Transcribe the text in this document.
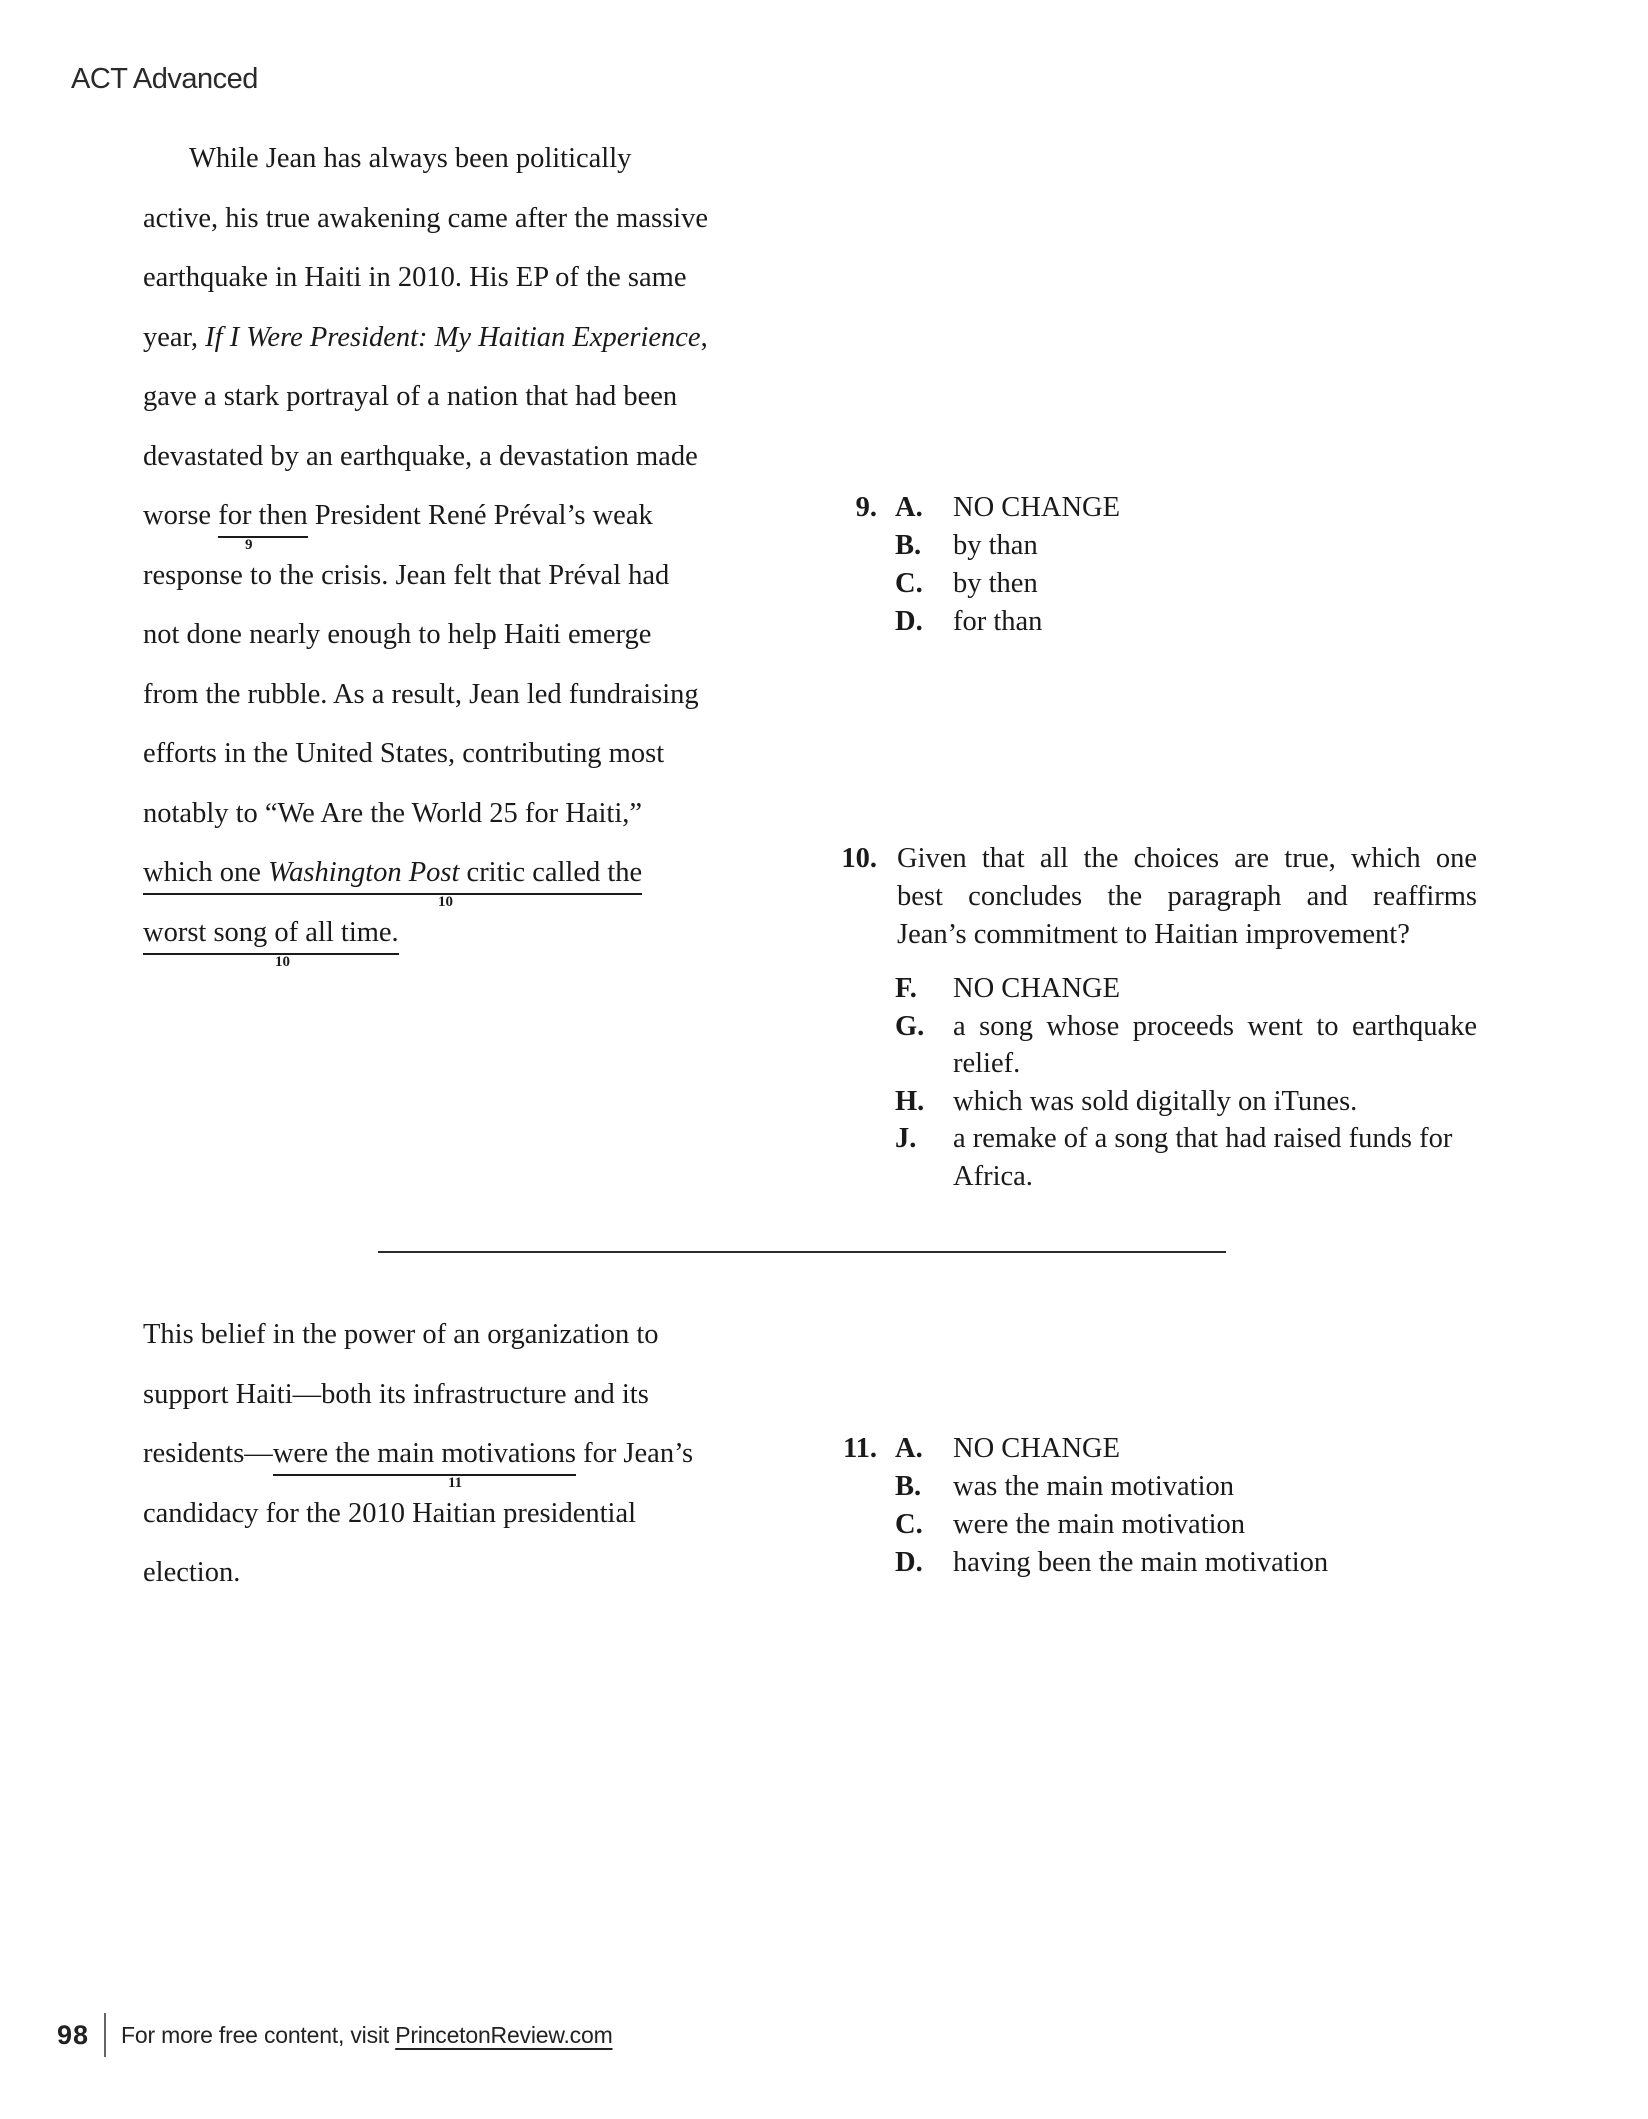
ACT Advanced
While Jean has always been politically
active, his true awakening came after the massive
earthquake in Haiti in 2010. His EP of the same
year, If I Were President: My Haitian Experience,
gave a stark portrayal of a nation that had been
devastated by an earthquake, a devastation made
worse for then President René Préval’s weak
response to the crisis. Jean felt that Préval had
not done nearly enough to help Haiti emerge
from the rubble. As a result, Jean led fundraising
efforts in the United States, contributing most
notably to “We Are the World 25 for Haiti,”
which one Washington Post critic called the
worst song of all time.
9
10
10
11
This belief in the power of an organization to
support Haiti—both its infrastructure and its
residents—were the main motivations for Jean’s
candidacy for the 2010 Haitian presidential
election.
9. A.	NO CHANGE
B.	by than
C.	by then
D.	for than
10. Given that all the choices are true, which one
best concludes the paragraph and reaffirms
Jean’s commitment to Haitian improvement?
F.	NO CHANGE
G.	a song whose proceeds went to earthquake
relief.
H.	which was sold digitally on iTunes.
J.	a remake of a song that had raised funds for
Africa.
11. A.	NO CHANGE
B.	was the main motivation
C.	were the main motivation
D.	having been the main motivation
98 For more free content, visit PrincetonReview.com
